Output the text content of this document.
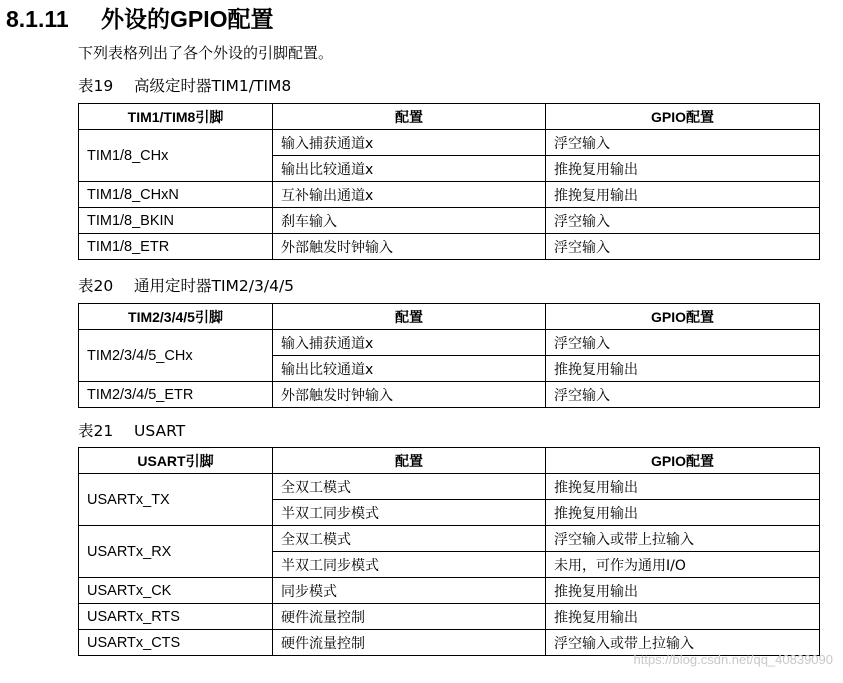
8.1.11 外设的GPIO配置
下列表格列出了各个外设的引脚配置。
表19 高级定时器TIM1/TIM8
TIM1/TIM8引脚	配置	GPIO配置
TIM1/8_CHx	输入捕获通道x	浮空输入
	输出比较通道x	推挽复用输出
TIM1/8_CHxN	互补输出通道x	推挽复用输出
TIM1/8_BKIN	刹车输入	浮空输入
TIM1/8_ETR	外部触发时钟输入	浮空输入
表20 通用定时器TIM2/3/4/5
TIM2/3/4/5引脚	配置	GPIO配置
TIM2/3/4/5_CHx	输入捕获通道x	浮空输入
	输出比较通道x	推挽复用输出
TIM2/3/4/5_ETR	外部触发时钟输入	浮空输入
表21 USART
USART引脚	配置	GPIO配置
USARTx_TX	全双工模式	推挽复用输出
	半双工同步模式	推挽复用输出
USARTx_RX	全双工模式	浮空输入或带上拉输入
	半双工同步模式	未用，可作为通用I/O
USARTx_CK	同步模式	推挽复用输出
USARTx_RTS	硬件流量控制	推挽复用输出
USARTx_CTS	硬件流量控制	浮空输入或带上拉输入
https://blog.csdn.net/qq_40839090
